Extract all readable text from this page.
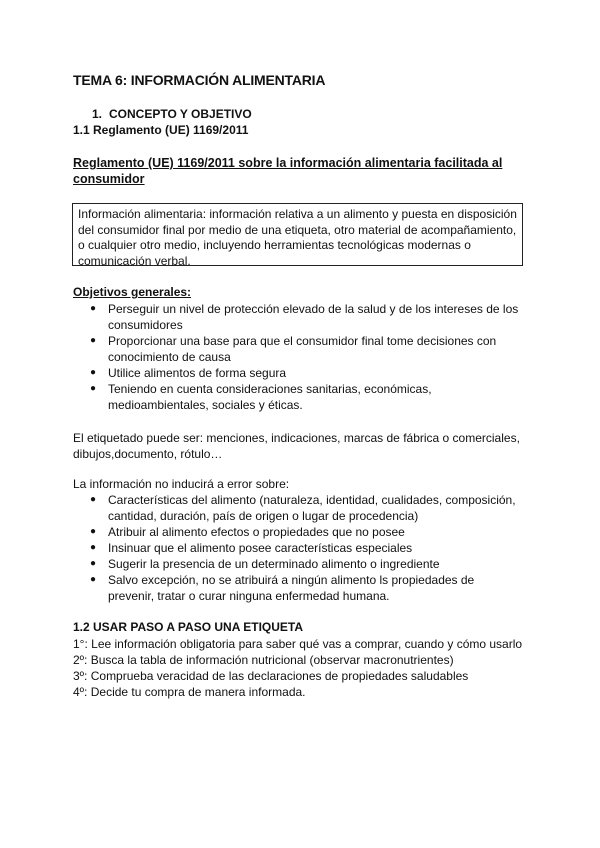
TEMA 6: INFORMACIÓN ALIMENTARIA
1. CONCEPTO Y OBJETIVO
1.1 Reglamento (UE) 1169/2011
Reglamento (UE) 1169/2011 sobre la información alimentaria facilitada al
consumidor
Información alimentaria: información relativa a un alimento y puesta en disposición
del consumidor final por medio de una etiqueta, otro material de acompañamiento,
o cualquier otro medio, incluyendo herramientas tecnológicas modernas o
comunicación verbal.
Objetivos generales:
● Perseguir un nivel de protección elevado de la salud y de los intereses de los
consumidores
● Proporcionar una base para que el consumidor final tome decisiones con
conocimiento de causa
● Utilice alimentos de forma segura
● Teniendo en cuenta consideraciones sanitarias, económicas,
medioambientales, sociales y éticas.
El etiquetado puede ser: menciones, indicaciones, marcas de fábrica o comerciales,
dibujos,documento, rótulo…
La información no inducirá a error sobre:
● Características del alimento (naturaleza, identidad, cualidades, composición,
cantidad, duración, país de origen o lugar de procedencia)
● Atribuir al alimento efectos o propiedades que no posee
● Insinuar que el alimento posee características especiales
● Sugerir la presencia de un determinado alimento o ingrediente
● Salvo excepción, no se atribuirá a ningún alimento ls propiedades de
prevenir, tratar o curar ninguna enfermedad humana.
1.2 USAR PASO A PASO UNA ETIQUETA
1°: Lee información obligatoria para saber qué vas a comprar, cuando y cómo usarlo
2º: Busca la tabla de información nutricional (observar macronutrientes)
3º: Comprueba veracidad de las declaraciones de propiedades saludables
4º: Decide tu compra de manera informada.
